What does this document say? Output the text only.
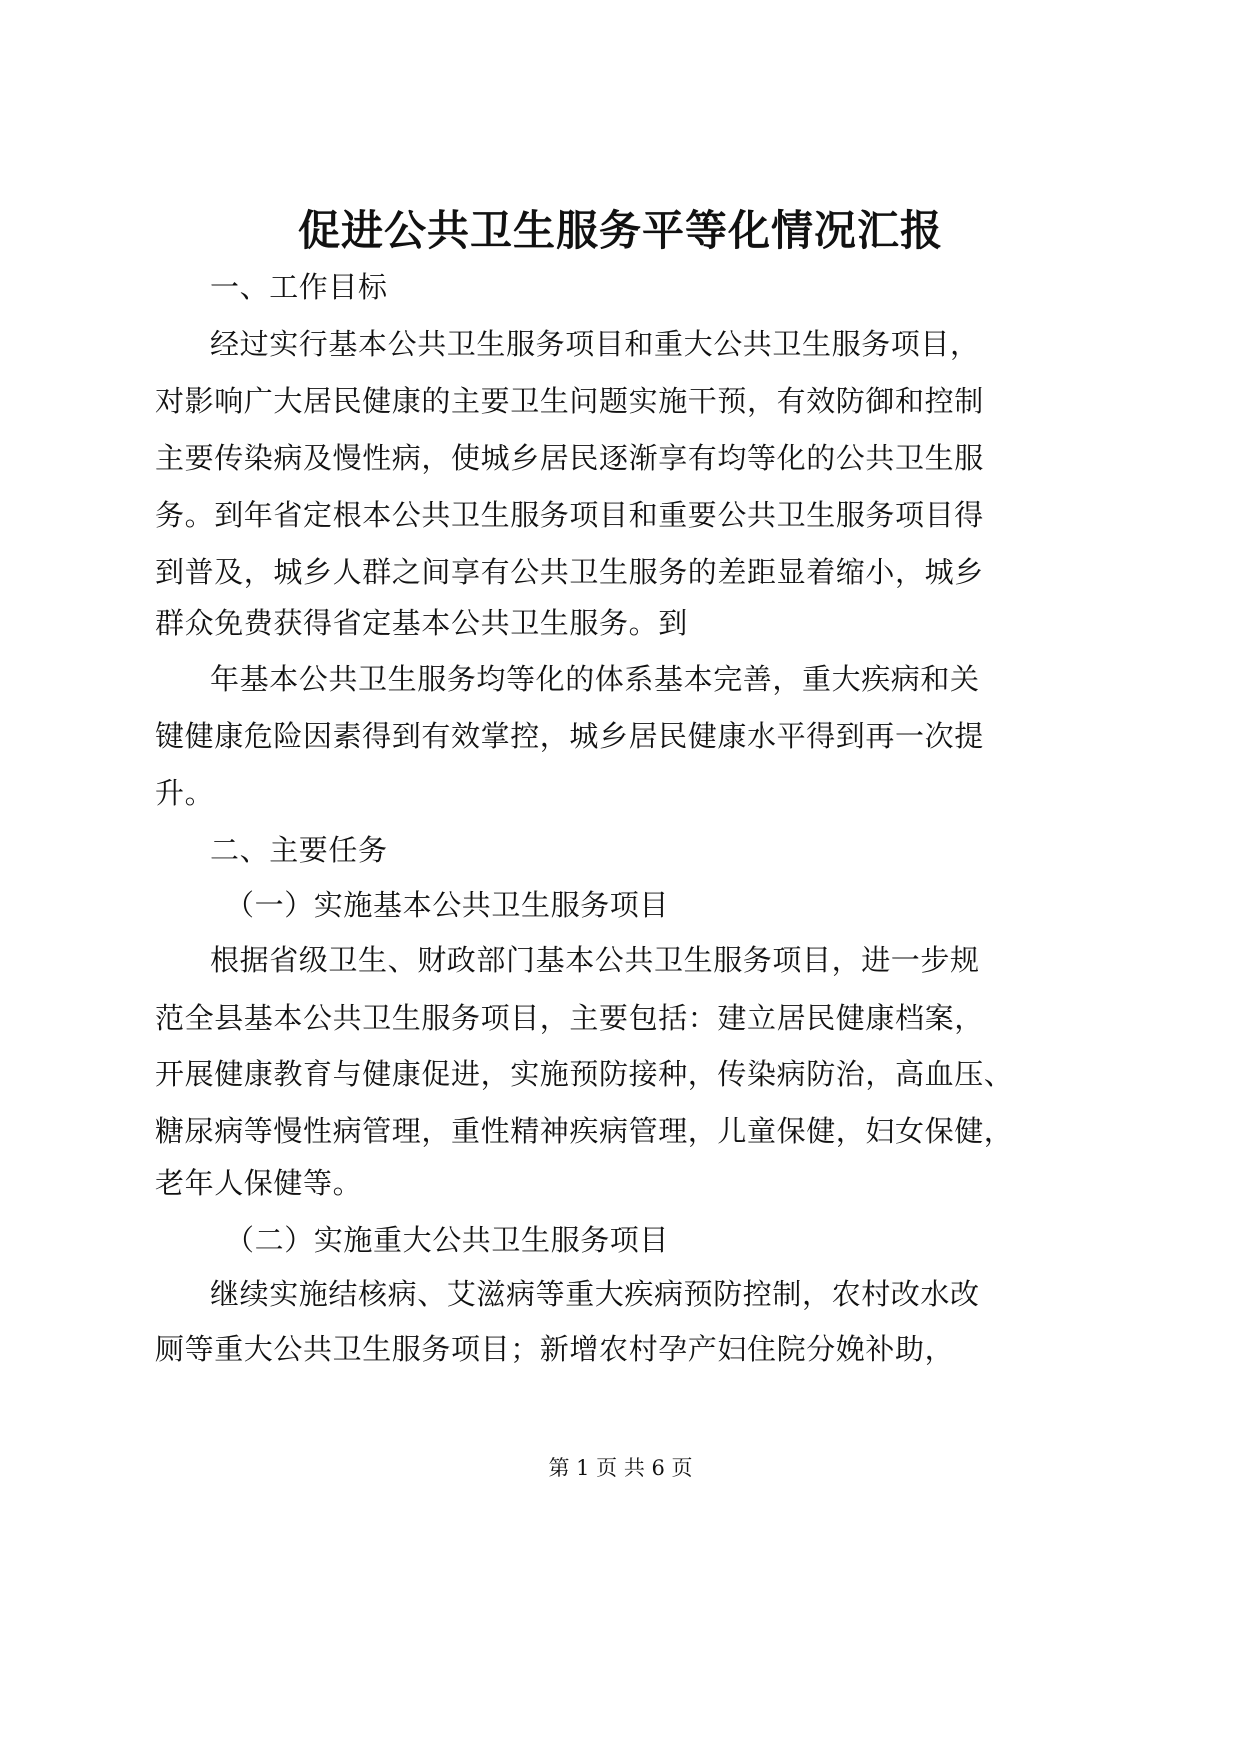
促进公共卫生服务平等化情况汇报
一、工作目标
经过实行基本公共卫生服务项目和重大公共卫生服务项目，
对影响广大居民健康的主要卫生问题实施干预，有效防御和控制
主要传染病及慢性病，使城乡居民逐渐享有均等化的公共卫生服
务。到年省定根本公共卫生服务项目和重要公共卫生服务项目得
到普及，城乡人群之间享有公共卫生服务的差距显着缩小，城乡
群众免费获得省定基本公共卫生服务。到
年基本公共卫生服务均等化的体系基本完善，重大疾病和关
键健康危险因素得到有效掌控，城乡居民健康水平得到再一次提
升。
二、主要任务
（一）实施基本公共卫生服务项目
根据省级卫生、财政部门基本公共卫生服务项目，进一步规
范全县基本公共卫生服务项目，主要包括：建立居民健康档案，
开展健康教育与健康促进，实施预防接种，传染病防治，高血压、
糖尿病等慢性病管理，重性精神疾病管理，儿童保健，妇女保健，
老年人保健等。
（二）实施重大公共卫生服务项目
继续实施结核病、艾滋病等重大疾病预防控制，农村改水改
厕等重大公共卫生服务项目；新增农村孕产妇住院分娩补助，
第 1 页 共 6 页
